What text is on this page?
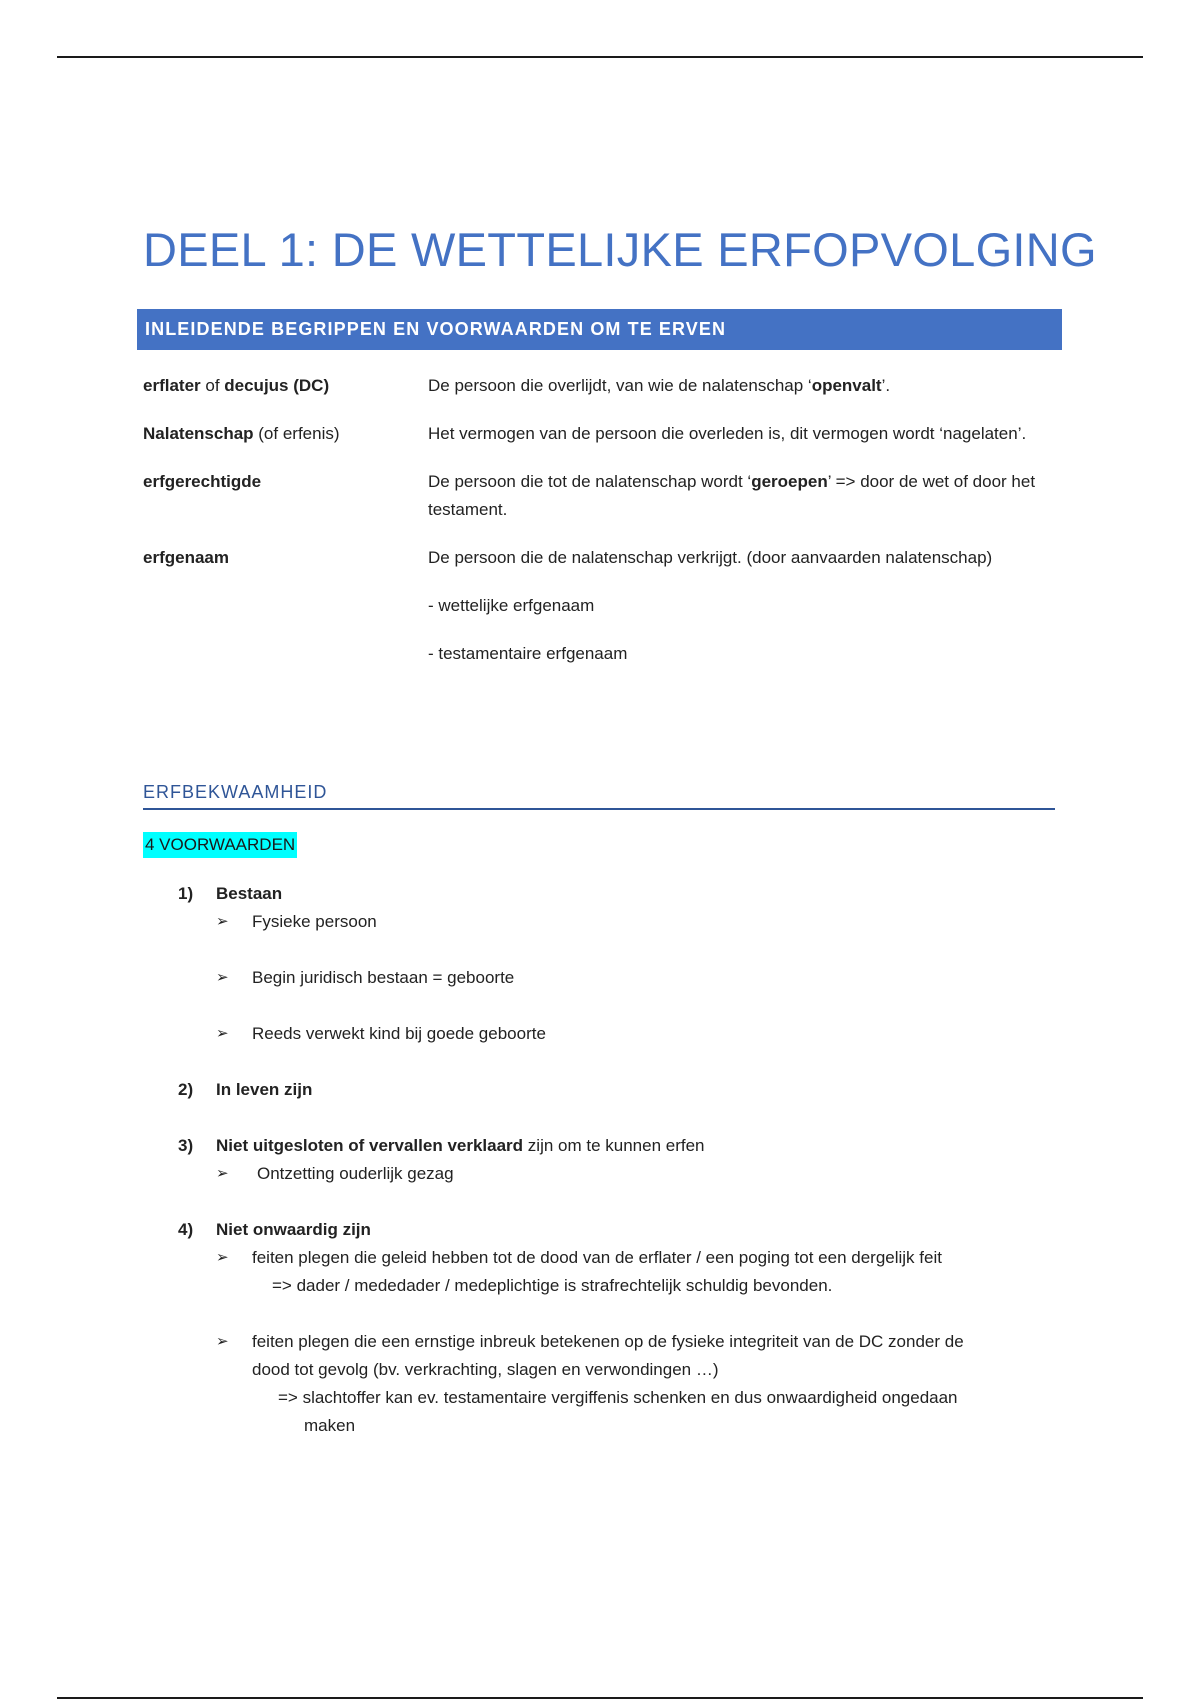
DEEL 1: DE WETTELIJKE ERFOPVOLGING
INLEIDENDE BEGRIPPEN EN VOORWAARDEN OM TE ERVEN
erflater of decujus (DC)	De persoon die overlijdt, van wie de nalatenschap ‘openvalt’.
Nalatenschap (of erfenis)	Het vermogen van de persoon die overleden is, dit vermogen wordt ‘nagelaten’.
erfgerechtigde	De persoon die tot de nalatenschap wordt ‘geroepen’ => door de wet of door het testament.
erfgenaam	De persoon die de nalatenschap verkrijgt. (door aanvaarden nalatenschap)

- wettelijke erfgenaam

- testamentaire erfgenaam

ERFBEKWAAMHEID
4 VOORWAARDEN
1)	Bestaan
➢	Fysieke persoon
➢	Begin juridisch bestaan = geboorte
➢	Reeds verwekt kind bij goede geboorte
2)	In leven zijn
3)	Niet uitgesloten of vervallen verklaard zijn om te kunnen erfen
➢	Ontzetting ouderlijk gezag
4)	Niet onwaardig zijn
➢	feiten plegen die geleid hebben tot de dood van de erflater / een poging tot een dergelijk feit
=> dader / mededader / medeplichtige is strafrechtelijk schuldig bevonden.
➢	feiten plegen die een ernstige inbreuk betekenen op de fysieke integriteit van de DC zonder de
dood tot gevolg (bv. verkrachting, slagen en verwondingen …)
=> slachtoffer kan ev. testamentaire vergiffenis schenken en dus onwaardigheid ongedaan
maken
